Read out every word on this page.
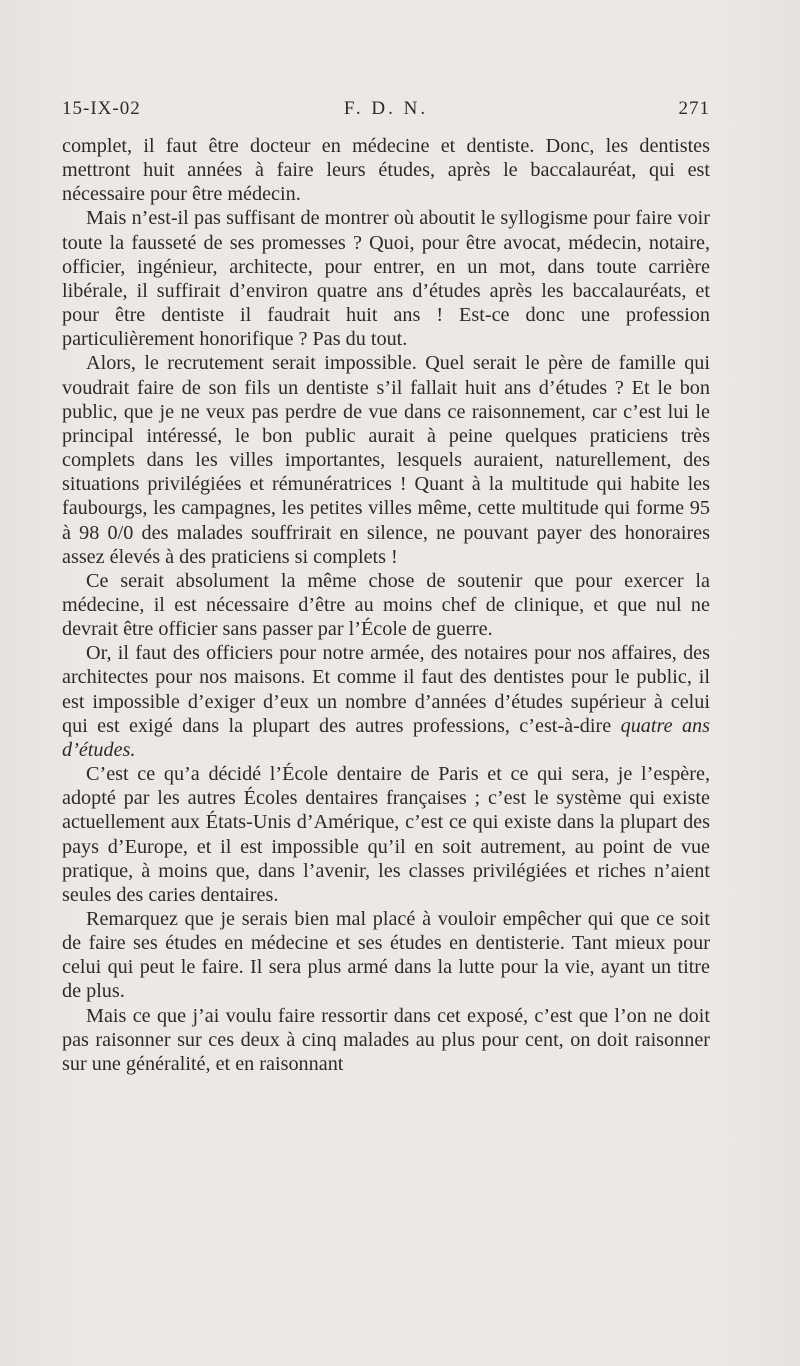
15-IX-02	F. D. N.	271

complet, il faut être docteur en médecine et dentiste. Donc, les dentistes mettront huit années à faire leurs études, après le baccalauréat, qui est nécessaire pour être médecin.

Mais n’est-il pas suffisant de montrer où aboutit le syllogisme pour faire voir toute la fausseté de ses promesses ? Quoi, pour être avocat, médecin, notaire, officier, ingénieur, architecte, pour entrer, en un mot, dans toute carrière libérale, il suffirait d’environ quatre ans d’études après les baccalauréats, et pour être dentiste il faudrait huit ans ! Est-ce donc une profession particulièrement honorifique ? Pas du tout.

Alors, le recrutement serait impossible. Quel serait le père de famille qui voudrait faire de son fils un dentiste s’il fallait huit ans d’études ? Et le bon public, que je ne veux pas perdre de vue dans ce raisonnement, car c’est lui le principal intéressé, le bon public aurait à peine quelques praticiens très complets dans les villes importantes, lesquels auraient, naturellement, des situations privilégiées et rémunératrices ! Quant à la multitude qui habite les faubourgs, les campagnes, les petites villes même, cette multitude qui forme 95 à 98 0/0 des malades souffrirait en silence, ne pouvant payer des honoraires assez élevés à des praticiens si complets !

Ce serait absolument la même chose de soutenir que pour exercer la médecine, il est nécessaire d’être au moins chef de clinique, et que nul ne devrait être officier sans passer par l’École de guerre.

Or, il faut des officiers pour notre armée, des notaires pour nos affaires, des architectes pour nos maisons. Et comme il faut des dentistes pour le public, il est impossible d’exiger d’eux un nombre d’années d’études supérieur à celui qui est exigé dans la plupart des autres professions, c’est-à-dire quatre ans d’études.

C’est ce qu’a décidé l’École dentaire de Paris et ce qui sera, je l’espère, adopté par les autres Écoles dentaires françaises ; c’est le système qui existe actuellement aux États-Unis d’Amérique, c’est ce qui existe dans la plupart des pays d’Europe, et il est impossible qu’il en soit autrement, au point de vue pratique, à moins que, dans l’avenir, les classes privilégiées et riches n’aient seules des caries dentaires.

Remarquez que je serais bien mal placé à vouloir empêcher qui que ce soit de faire ses études en médecine et ses études en dentisterie. Tant mieux pour celui qui peut le faire. Il sera plus armé dans la lutte pour la vie, ayant un titre de plus.

Mais ce que j’ai voulu faire ressortir dans cet exposé, c’est que l’on ne doit pas raisonner sur ces deux à cinq malades au plus pour cent, on doit raisonner sur une généralité, et en raisonnant
